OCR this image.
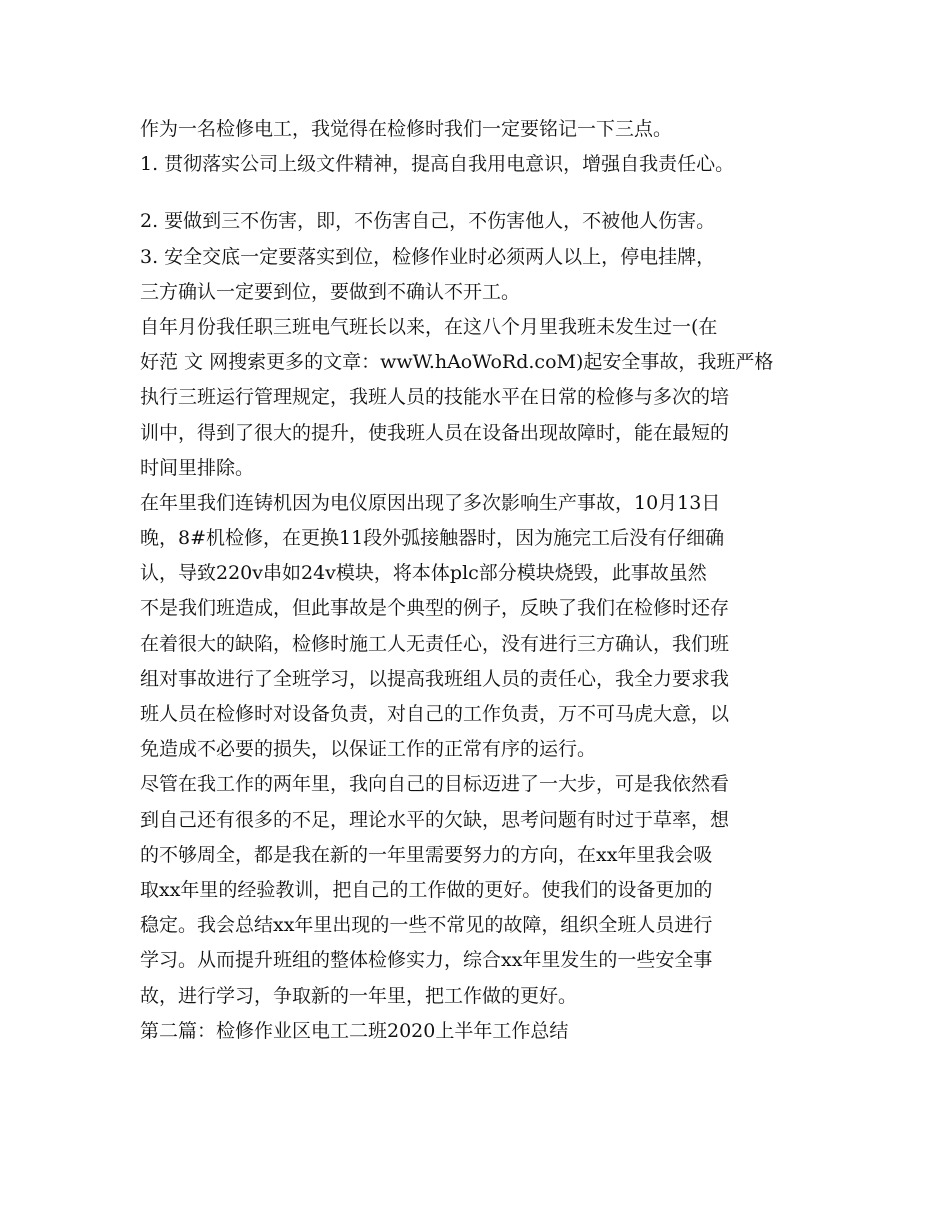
作为一名检修电工，我觉得在检修时我们一定要铭记一下三点。
1. 贯彻落实公司上级文件精神，提高自我用电意识，增强自我责任心。
2. 要做到三不伤害，即，不伤害自己，不伤害他人，不被他人伤害。
3. 安全交底一定要落实到位，检修作业时必须两人以上，停电挂牌，
三方确认一定要到位，要做到不确认不开工。
自年月份我任职三班电气班长以来，在这八个月里我班未发生过一(在
好范 文 网搜索更多的文章：wwW.hAoWoRd.coM)起安全事故，我班严格
执行三班运行管理规定，我班人员的技能水平在日常的检修与多次的培
训中，得到了很大的提升，使我班人员在设备出现故障时，能在最短的
时间里排除。
在年里我们连铸机因为电仪原因出现了多次影响生产事故，10月13日
晚，8#机检修，在更换11段外弧接触器时，因为施完工后没有仔细确
认，导致220v串如24v模块，将本体plc部分模块烧毁，此事故虽然
不是我们班造成，但此事故是个典型的例子，反映了我们在检修时还存
在着很大的缺陷，检修时施工人无责任心，没有进行三方确认，我们班
组对事故进行了全班学习，以提高我班组人员的责任心，我全力要求我
班人员在检修时对设备负责，对自己的工作负责，万不可马虎大意，以
免造成不必要的损失，以保证工作的正常有序的运行。
尽管在我工作的两年里，我向自己的目标迈进了一大步，可是我依然看
到自己还有很多的不足，理论水平的欠缺，思考问题有时过于草率，想
的不够周全，都是我在新的一年里需要努力的方向，在xx年里我会吸
取xx年里的经验教训，把自己的工作做的更好。使我们的设备更加的
稳定。我会总结xx年里出现的一些不常见的故障，组织全班人员进行
学习。从而提升班组的整体检修实力，综合xx年里发生的一些安全事
故，进行学习，争取新的一年里，把工作做的更好。
第二篇：检修作业区电工二班2020上半年工作总结
